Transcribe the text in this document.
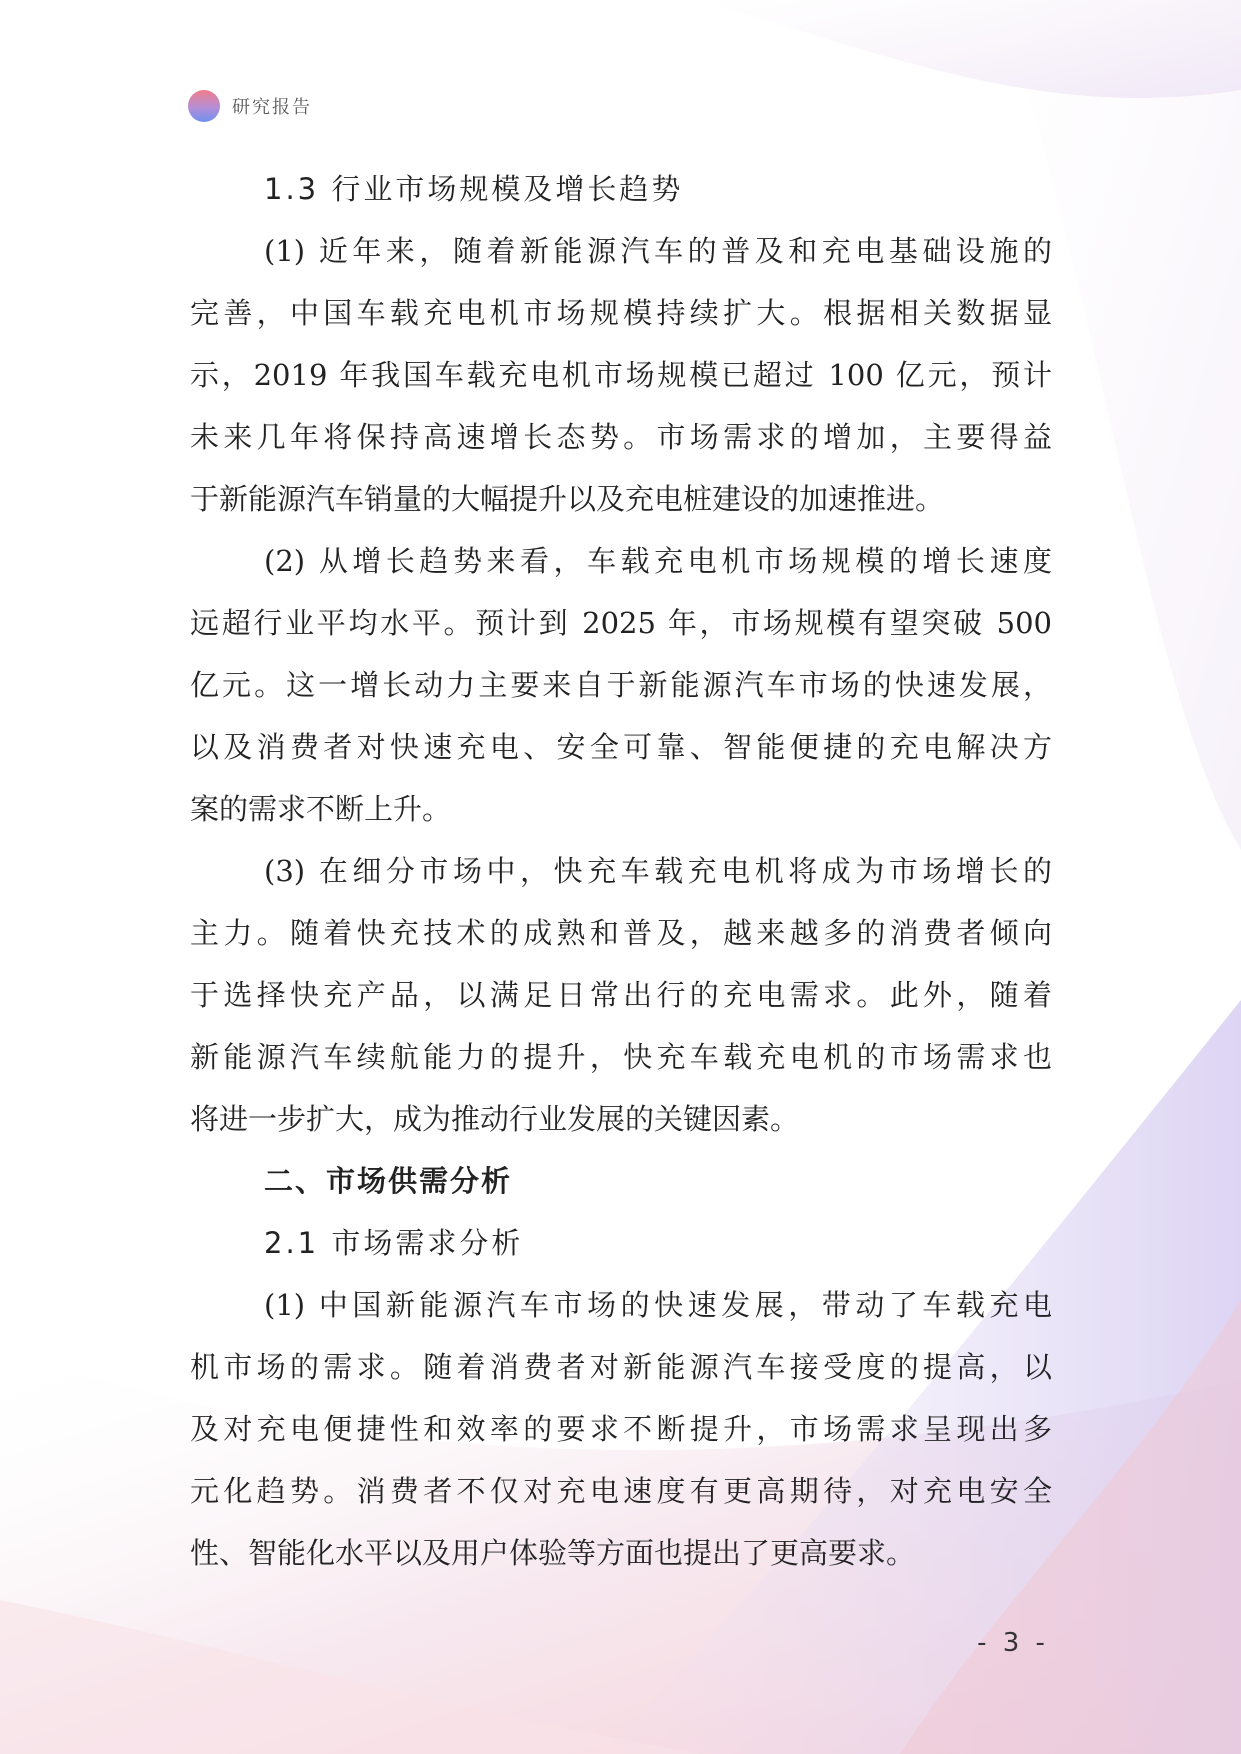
研究报告
1.3 行业市场规模及增长趋势
(1) 近年来，随着新能源汽车的普及和充电基础设施的
完善，中国车载充电机市场规模持续扩大。根据相关数据显
示，2019 年我国车载充电机市场规模已超过 100 亿元，预计
未来几年将保持高速增长态势。市场需求的增加，主要得益
于新能源汽车销量的大幅提升以及充电桩建设的加速推进。
(2) 从增长趋势来看，车载充电机市场规模的增长速度
远超行业平均水平。预计到 2025 年，市场规模有望突破 500
亿元。这一增长动力主要来自于新能源汽车市场的快速发展，
以及消费者对快速充电、安全可靠、智能便捷的充电解决方
案的需求不断上升。
(3) 在细分市场中，快充车载充电机将成为市场增长的
主力。随着快充技术的成熟和普及，越来越多的消费者倾向
于选择快充产品，以满足日常出行的充电需求。此外，随着
新能源汽车续航能力的提升，快充车载充电机的市场需求也
将进一步扩大，成为推动行业发展的关键因素。
二、市场供需分析
2.1 市场需求分析
(1) 中国新能源汽车市场的快速发展，带动了车载充电
机市场的需求。随着消费者对新能源汽车接受度的提高，以
及对充电便捷性和效率的要求不断提升，市场需求呈现出多
元化趋势。消费者不仅对充电速度有更高期待，对充电安全
性、智能化水平以及用户体验等方面也提出了更高要求。
- 3 -
